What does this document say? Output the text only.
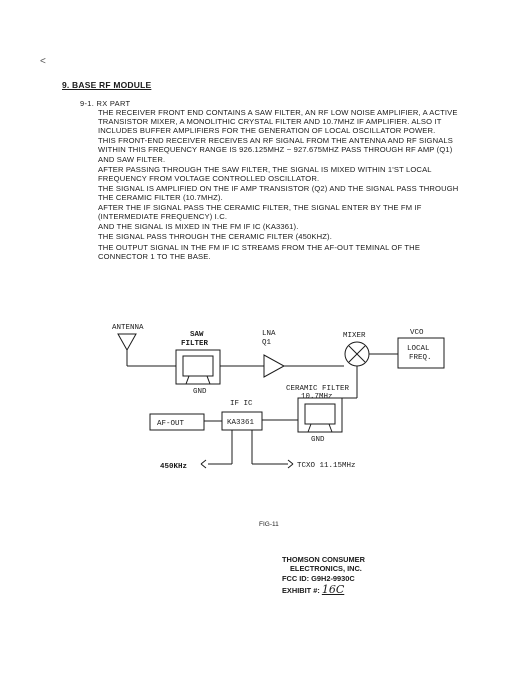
<
9. BASE RF MODULE
9-1. RX PART

THE RECEIVER FRONT END CONTAINS A SAW FILTER, AN RF LOW NOISE AMPLIFIER, A ACTIVE TRANSISTOR MIXER, A MONOLITHIC CRYSTAL FILTER AND 10.7MHZ IF AMPLIFIER. ALSO IT INCLUDES BUFFER AMPLIFIERS FOR THE GENERATION OF LOCAL OSCILLATOR POWER.

THIS FRONT-END RECEIVER RECEIVES AN RF SIGNAL FROM THE ANTENNA AND RF SIGNALS WITHIN THIS FREQUENCY RANGE IS 926.125MHZ ~ 927.675MHZ PASS THROUGH RF AMP (Q1) AND SAW FILTER.

AFTER PASSING THROUGH THE SAW FILTER, THE SIGNAL IS MIXED WITHIN 1'ST LOCAL FREQUENCY FROM VOLTAGE CONTROLLED OSCILLATOR.

THE SIGNAL IS AMPLIFIED ON THE IF AMP TRANSISTOR (Q2) AND THE SIGNAL PASS THROUGH THE CERAMIC FILTER (10.7MHZ).

AFTER THE IF SIGNAL PASS THE CERAMIC FILTER, THE SIGNAL ENTER BY THE FM IF (INTERMEDIATE FREQUENCY) I.C.

AND THE SIGNAL IS MIXED IN THE FM IF IC (KA3361).

THE SIGNAL PASS THROUGH THE CERAMIC FILTER (450KHZ).

THE OUTPUT SIGNAL IN THE FM IF IC STREAMS FROM THE AF-OUT TEMINAL OF THE CONNECTOR 1 TO THE BASE.

ANTENNA
SAW
FILTER
GND
LNA
Q1
MIXER	VCO
LOCAL
FREQ.
CERAMIC FILTER
10.7MHz
GND
IF IC
KA3361
AF-OUT
450KHz	TCXO 11.15MHz
FIG-11
THOMSON CONSUMER
ELECTRONICS, INC.
FCC ID: G9H2-9930C
EXHIBIT #: 16C
